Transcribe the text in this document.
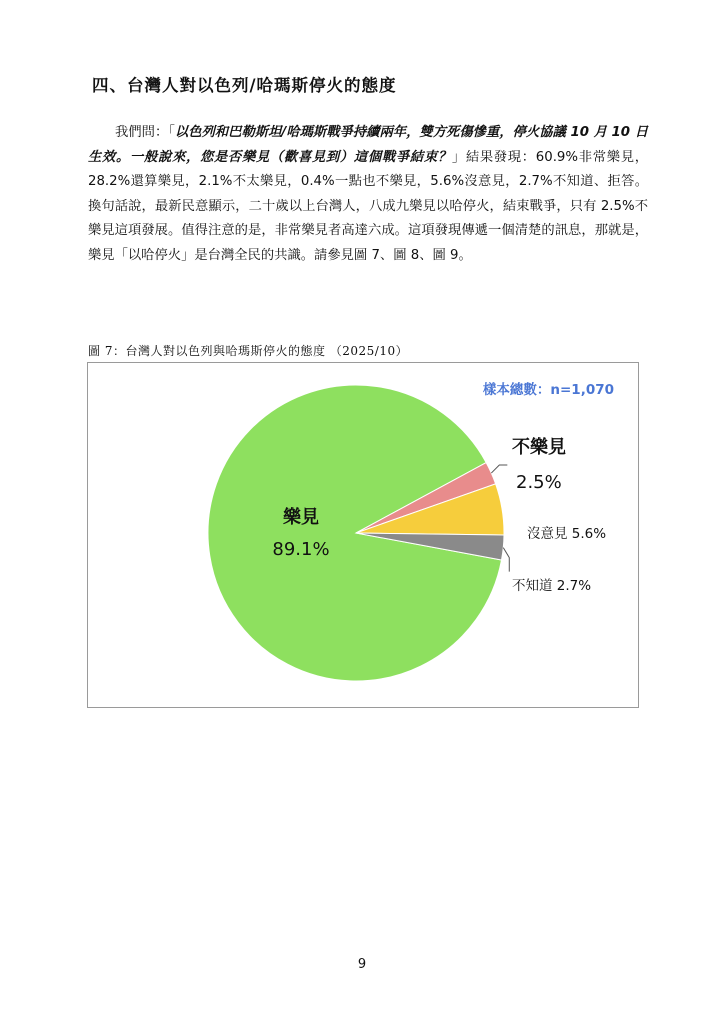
四、台灣人對以色列/哈瑪斯停火的態度
我們問：「以色列和巴勒斯坦/哈瑪斯戰爭持續兩年，雙方死傷慘重，停火協議 10 月 10 日生效。一般說來，您是否樂見（歡喜見到）這個戰爭結束？」結果發現：60.9%非常樂見，28.2%還算樂見，2.1%不太樂見，0.4%一點也不樂見，5.6%沒意見，2.7%不知道、拒答。換句話說，最新民意顯示，二十歲以上台灣人，八成九樂見以哈停火，結束戰爭，只有 2.5%不樂見這項發展。值得注意的是，非常樂見者高達六成。這項發現傳遞一個清楚的訊息，那就是，樂見「以哈停火」是台灣全民的共識。請參見圖 7、圖 8、圖 9。
圖 7：台灣人對以色列與哈瑪斯停火的態度 （2025/10）
樣本總數：n=1,070
樂見
89.1%
不樂見
2.5%
沒意見 5.6%
不知道 2.7%
9
